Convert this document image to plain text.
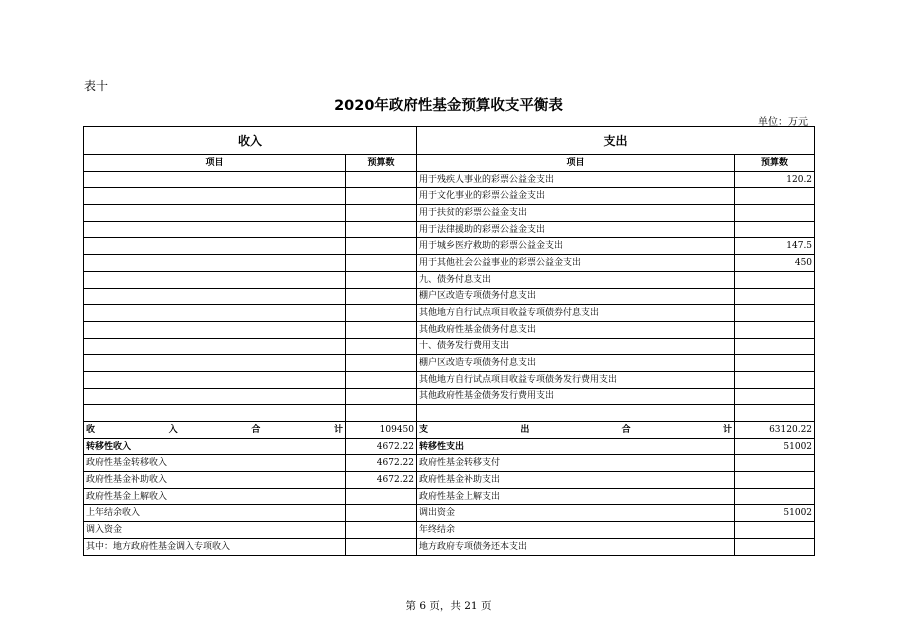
表十
2020年政府性基金预算收支平衡表
单位：万元
收入		支出	
项目	预算数	项目	预算数
		用于残疾人事业的彩票公益金支出	120.2
		用于文化事业的彩票公益金支出	
		用于扶贫的彩票公益金支出	
		用于法律援助的彩票公益金支出	
		用于城乡医疗救助的彩票公益金支出	147.5
		用于其他社会公益事业的彩票公益金支出	450
		九、债务付息支出	
		棚户区改造专项债务付息支出	
		其他地方自行试点项目收益专项债券付息支出	
		其他政府性基金债务付息支出	
		十、债务发行费用支出	
		棚户区改造专项债务付息支出	
		其他地方自行试点项目收益专项债务发行费用支出	
		其他政府性基金债务发行费用支出	

收 入 合 计	109450	支 出 合 计	63120.22
转移性收入	4672.22	转移性支出	51002
政府性基金转移收入	4672.22	政府性基金转移支付	
政府性基金补助收入	4672.22	政府性基金补助支出	
政府性基金上解收入		政府性基金上解支出	
上年结余收入		调出资金	51002
调入资金		年终结余	
其中：地方政府性基金调入专项收入		地方政府专项债务还本支出	
第 6 页，共 21 页
